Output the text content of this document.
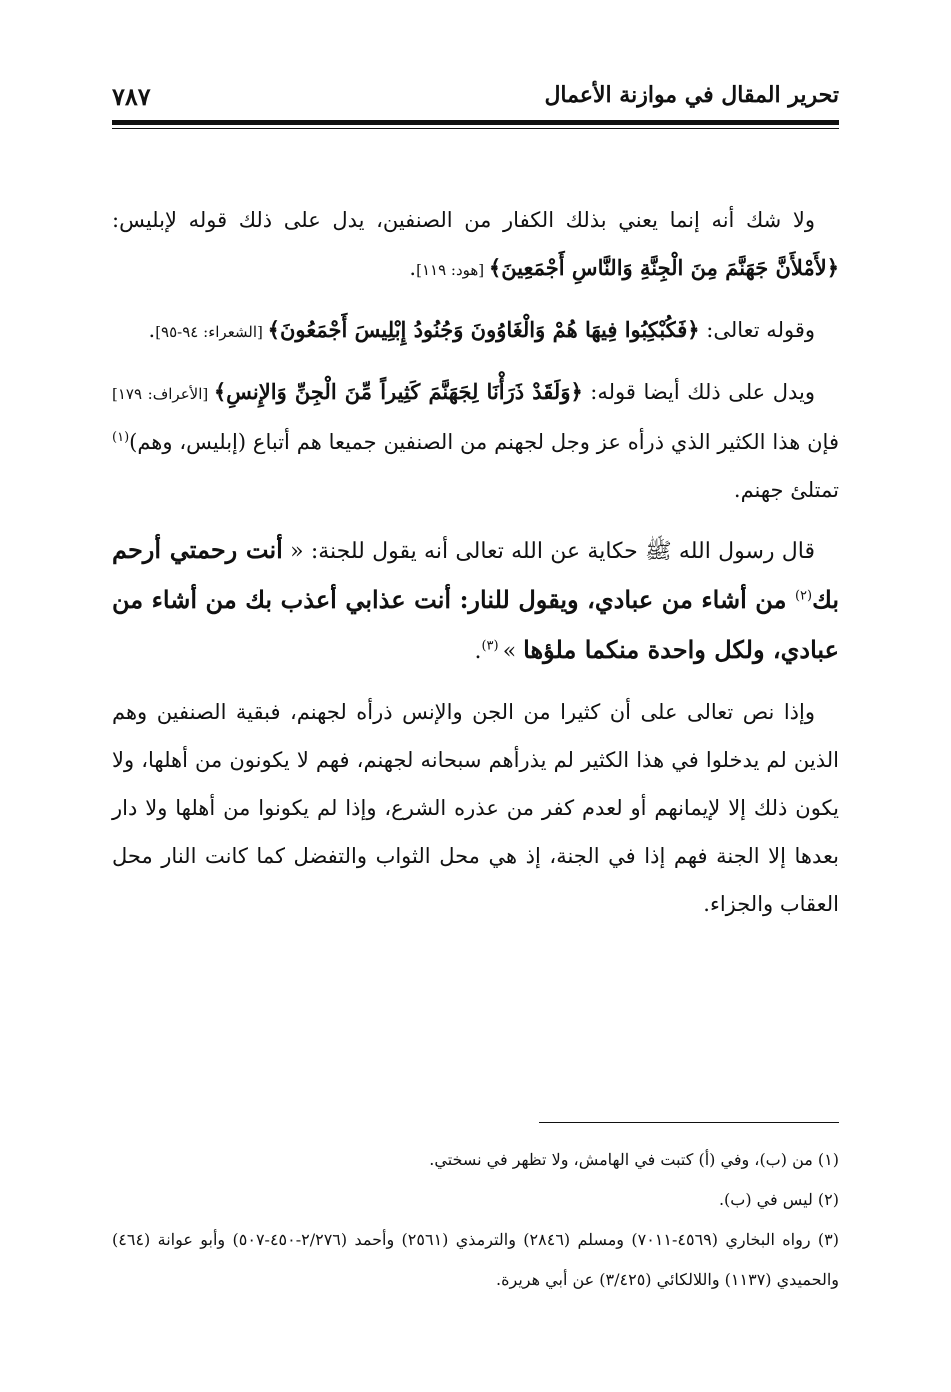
تحرير المقال في موازنة الأعمال
٧٨٧

ولا شك أنه إنما يعني بذلك الكفار من الصنفين، يدل على ذلك قوله لإبليس: ﴿لأَمْلأَنَّ جَهَنَّمَ مِنَ الْجِنَّةِ وَالنَّاسِ أَجْمَعِينَ﴾ [هود: ١١٩].

وقوله تعالى: ﴿فَكُبْكِبُوا فِيهَا هُمْ وَالْغَاوُونَ وَجُنُودُ إِبْلِيسَ أَجْمَعُونَ﴾ [الشعراء: ٩٤-٩٥].

ويدل على ذلك أيضا قوله: ﴿وَلَقَدْ ذَرَأْنَا لِجَهَنَّمَ كَثِيراً مِّنَ الْجِنِّ وَالإِنسِ﴾ [الأعراف: ١٧٩] فإن هذا الكثير الذي ذرأه عز وجل لجهنم من الصنفين جميعا هم أتباع (إبليس، وهم)$^{(١)}$ تمتلئ جهنم.

قال رسول الله ﷺ حكاية عن الله تعالى أنه يقول للجنة: « أنت رحمتي أرحم بك$^{(٢)}$ من أشاء من عبادي، ويقول للنار: أنت عذابي أعذب بك من أشاء من عبادي، ولكل واحدة منكما ملؤها » $^{(٣)}$.

وإذا نص تعالى على أن كثيرا من الجن والإنس ذرأه لجهنم، فبقية الصنفين وهم الذين لم يدخلوا في هذا الكثير لم يذرأهم سبحانه لجهنم، فهم لا يكونون من أهلها، ولا يكون ذلك إلا لإيمانهم أو لعدم كفر من عذره الشرع، وإذا لم يكونوا من أهلها ولا دار بعدها إلا الجنة فهم إذا في الجنة، إذ هي محل الثواب والتفضل كما كانت النار محل العقاب والجزاء.

(١) من (ب)، وفي (أ) كتبت في الهامش، ولا تظهر في نسختي.
(٢) ليس في (ب).
(٣) رواه البخاري (٤٥٦٩-٧٠١١) ومسلم (٢٨٤٦) والترمذي (٢٥٦١) وأحمد (٢/٢٧٦-٤٥٠-٥٠٧) وأبو عوانة (٤٦٤) والحميدي (١١٣٧) واللالكائي (٣/٤٢٥) عن أبي هريرة.
